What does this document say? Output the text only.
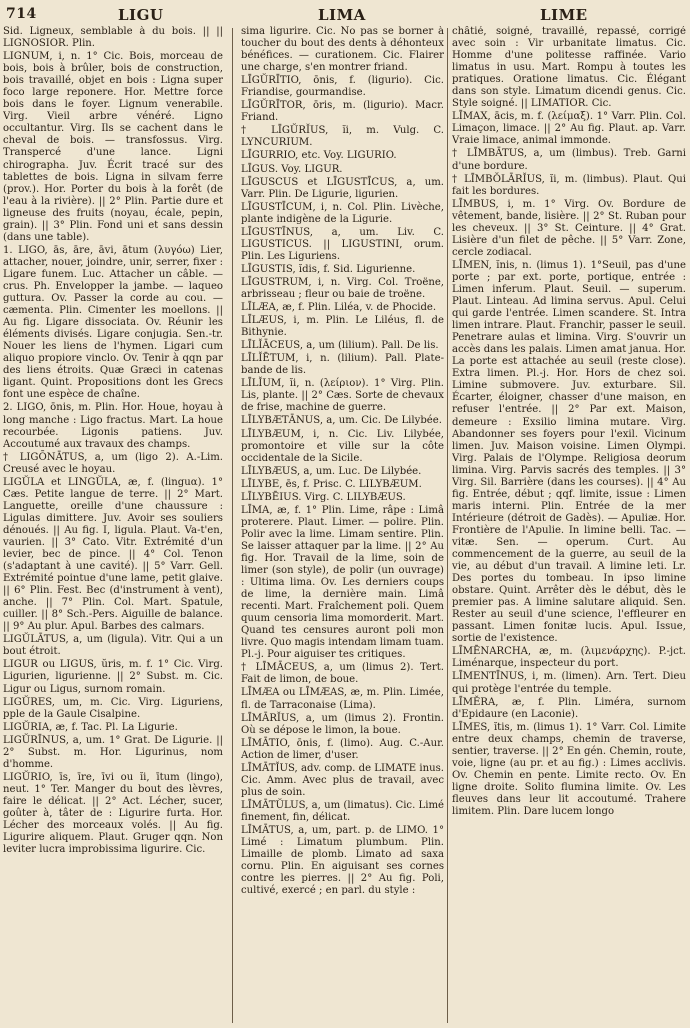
714	LIGU	LIMA	LIME

Sid. Ligneux, semblable à du bois. || || LIGNOSIOR. Plin.

LIGNUM, i, n. 1° Cic. Bois, morceau de bois, bois à brûler, bois de construction, bois travaillé, objet en bois : Ligna super foco large reponere. Hor. Mettre force bois dans le foyer. Lignum venerabile. Virg. Vieil arbre vénéré. Ligno occultantur. Virg. Ils se cachent dans le cheval de bois. — transfossus. Virg. Transpercé d'une lance. Ligni chirographa. Juv. Écrit tracé sur des tablettes de bois. Ligna in silvam ferre (prov.). Hor. Porter du bois à la forêt (de l'eau à la rivière). || 2° Plin. Partie dure et ligneuse des fruits (noyau, écale, pepin, grain). || 3° Plin. Fond uni et sans dessin (dans une table).

1. LIGO, ās, āre, āvi, ātum (λυγόω) Lier, attacher, nouer, joindre, unir, serrer, fixer : Ligare funem. Luc. Attacher un câble. — crus. Ph. Envelopper la jambe. — laqueo guttura. Ov. Passer la corde au cou. — cæmenta. Plin. Cimenter les moellons. || Au fig. Ligare dissociata. Ov. Réunir les éléments divisés. Ligare conjugia. Sen.-tr. Nouer les liens de l'hymen. Ligari cum aliquo propiore vinclo. Ov. Tenir à qqn par des liens étroits. Quæ Græci in catenas ligant. Quint. Propositions dont les Grecs font une espèce de chaîne.

2. LIGO, ōnis, m. Plin. Hor. Houe, hoyau à long manche : Ligo fractus. Mart. La houe recourbée. Ligonis patiens. Juv. Accoutumé aux travaux des champs.

† LIGŌNĀTUS, a, um (ligo 2). A.-Lim. Creusé avec le hoyau.

LIGŬLA et LINGŬLA, æ, f. (linguα). 1° Cæs. Petite langue de terre. || 2° Mart. Languette, oreille d'une chaussure : Ligulas dimittere. Juv. Avoir ses souliers dénoués. || Au fig. I, ligula. Plaut. Va-t'en, vaurien. || 3° Cato. Vitr. Extrémité d'un levier, bec de pince. || 4° Col. Tenon (s'adaptant à une cavité). || 5° Varr. Gell. Extrémité pointue d'une lame, petit glaive. || 6° Plin. Fest. Bec (d'instrument à vent), anche. || 7° Plin. Col. Mart. Spatule, cuiller. || 8° Sch.-Pers. Aiguille de balance. || 9° Au plur. Apul. Barbes des calmars.

LIGŬLĀTUS, a, um (ligula). Vitr. Qui a un bout étroit.

LIGUR ou LIGUS, ŭris, m. f. 1° Cic. Virg. Ligurien, ligurienne. || 2° Subst. m. Cic. Ligur ou Ligus, surnom romain.

LIGŬRES, um, m. Cic. Virg. Liguriens, pple de la Gaule Cisalpine.

LIGŬRIA, æ, f. Tac. Pl. La Ligurie.

LIGŬRĪNUS, a, um. 1° Grat. De Ligurie. || 2° Subst. m. Hor. Ligurinus, nom d'homme.

LIGŬRIO, īs, īre, īvi ou ĭi, ītum (lingo), neut. 1° Ter. Manger du bout des lèvres, faire le délicat. || 2° Act. Lécher, sucer, goûter à, tâter de : Ligurire furta. Hor. Lécher des morceaux volés. || Au fig. Ligurire aliquem. Plaut. Gruger qqn. Non leviter lucra improbissima ligurire. Cic.

sima ligurire. Cic. No pas se borner à toucher du bout des dents à déhonteux bénéfices. — curationem. Cic. Flairer une charge, s'en montrer friand.

LĪGŬRĪTIO, ōnis, f. (ligurio). Cic. Friandise, gourmandise.

LĪGŬRĪTOR, ōris, m. (ligurio). Macr. Friand.

† LĪGŬRĬUS, ĭi, m. Vulg. C. LYNCURIUM.

LĪGURRIO, etc. Voy. LIGURIO.

LĪGUS. Voy. LIGUR.

LĪGUSCUS et LĪGUSTĪCUS, a, um. Varr. Plin. De Ligurie, ligurien.

LĪGUSTĪCUM, i, n. Col. Plin. Livèche, plante indigène de la Ligurie.

LĪGUSTĪNUS, a, um. Liv. C. LIGUSTICUS. || LIGUSTINI, orum. Plin. Les Liguriens.

LĪGUSTIS, ĭdis, f. Sid. Ligurienne.

LĪGUSTRUM, i, n. Virg. Col. Troëne, arbrisseau ; fleur ou baie de troëne.

LĪLÆA, æ, f. Plin. Liléa, v. de Phocide.

LĪLÆUS, i, m. Plin. Le Liléus, fl. de Bithynie.

LĪLĬĀCEUS, a, um (lilium). Pall. De lis.

LĪLĬĒTUM, i, n. (lilium). Pall. Plate-bande de lis.

LĪLĬUM, ĭi, n. (λείριον). 1° Virg. Plin. Lis, plante. || 2° Cæs. Sorte de chevaux de frise, machine de guerre.

LĪLYBÆTĀNUS, a, um. Cic. De Lilybée.

LĪLYBÆUM, i, n. Cic. Liv. Lilybée, promontoire et ville sur la côte occidentale de la Sicile.

LĪLYBÆUS, a, um. Luc. De Lilybée.

LĪLYBE, ēs, f. Prisc. C. LILYBÆUM.

LĪLYBĒIUS. Virg. C. LILYBÆUS.

LĪMA, æ, f. 1° Plin. Lime, râpe : Limâ proterere. Plaut. Limer. — polire. Plin. Polir avec la lime. Limam sentire. Plin. Se laisser attaquer par la lime. || 2° Au fig. Hor. Travail de la lime, soin de limer (son style), de polir (un ouvrage) : Ultima lima. Ov. Les derniers coups de lime, la dernière main. Limâ recenti. Mart. Fraîchement poli. Quem quum censoria lima momorderit. Mart. Quand tes censures auront poli mon livre. Quo magis intendam limam tuam. Pl.-j. Pour aiguiser tes critiques.

† LĪMĀCEUS, a, um (limus 2). Tert. Fait de limon, de boue.

LĪMÆA ou LĪMÆAS, æ, m. Plin. Limée, fl. de Tarraconaise (Lima).

LĪMĀRĬUS, a, um (limus 2). Frontin. Où se dépose le limon, la boue.

LĪMĀTIO, ōnis, f. (limo). Aug. C.-Aur. Action de limer, d'user.

LĪMĀTĬUS, adv. comp. de LIMATE inus. Cic. Amm. Avec plus de travail, avec plus de soin.

LĪMĀTŬLUS, a, um (limatus). Cic. Limé finement, fin, délicat.

LĪMĀTUS, a, um, part. p. de LIMO. 1° Limé : Limatum plumbum. Plin. Limaille de plomb. Limato ad saxa cornu. Plin. En aiguisant ses cornes contre les pierres. || 2° Au fig. Poli, cultivé, exercé ; en parl. du style :

châtié, soigné, travaillé, repassé, corrigé avec soin : Vir urbanitate limatus. Cic. Homme d'une politesse raffinée. Vario limatus in usu. Mart. Rompu à toutes les pratiques. Oratione limatus. Cic. Élégant dans son style. Limatum dicendi genus. Cic. Style soigné. || LIMATIOR. Cic.

LĪMAX, ācis, m. f. (λείμαξ). 1° Varr. Plin. Col. Limaçon, limace. || 2° Au fig. Plaut. ap. Varr. Vraie limace, animal immonde.

† LĪMBĀTUS, a, um (limbus). Treb. Garni d'une bordure.

† LĪMBŎLĀRĬUS, ĭi, m. (limbus). Plaut. Qui fait les bordures.

LĪMBUS, i, m. 1° Virg. Ov. Bordure de vêtement, bande, lisière. || 2° St. Ruban pour les cheveux. || 3° St. Ceinture. || 4° Grat. Lisière d'un filet de pêche. || 5° Varr. Zone, cercle zodiacal.

LĪMEN, ĭnis, n. (limus 1). 1°Seuil, pas d'une porte ; par ext. porte, portique, entrée : Limen inferum. Plaut. Seuil. — superum. Plaut. Linteau. Ad limina servus. Apul. Celui qui garde l'entrée. Limen scandere. St. Intra limen intrare. Plaut. Franchir, passer le seuil. Penetrare aulas et limina. Virg. S'ouvrir un accès dans les palais. Limen amat janua. Hor. La porte est attachée au seuil (reste close). Extra limen. Pl.-j. Hor. Hors de chez soi. Limine submovere. Juv. exturbare. Sil. Écarter, éloigner, chasser d'une maison, en refuser l'entrée. || 2° Par ext. Maison, demeure : Exsilio limina mutare. Virg. Abandonner ses foyers pour l'exil. Vicinum limen. Juv. Maison voisine. Limen Olympi. Virg. Palais de l'Olympe. Religiosa deorum limina. Virg. Parvis sacrés des temples. || 3° Virg. Sil. Barrière (dans les courses). || 4° Au fig. Entrée, début ; qqf. limite, issue : Limen maris interni. Plin. Entrée de la mer Intérieure (détroit de Gadès). — Apuliæ. Hor. Frontière de l'Apulie. In limine belli. Tac. — vitæ. Sen. — operum. Curt. Au commencement de la guerre, au seuil de la vie, au début d'un travail. A limine leti. Lr. Des portes du tombeau. In ipso limine obstare. Quint. Arrêter dès le début, dès le premier pas. A limine salutare aliquid. Sen. Rester au seuil d'une science, l'effleurer en passant. Limen fonitæ lucis. Apul. Issue, sortie de l'existence.

LĪMĒNARCHA, æ, m. (λιμενάρχης). P.-jct. Liménarque, inspecteur du port.

LĪMENTĪNUS, i, m. (limen). Arn. Tert. Dieu qui protège l'entrée du temple.

LĪMĔRA, æ, f. Plin. Liméra, surnom d'Epidaure (en Laconie).

LĪMES, ĭtis, m. (limus 1). 1° Varr. Col. Limite entre deux champs, chemin de traverse, sentier, traverse. || 2° En gén. Chemin, route, voie, ligne (au pr. et au fig.) : Limes acclivis. Ov. Chemin en pente. Limite recto. Ov. En ligne droite. Solito flumina limite. Ov. Les fleuves dans leur lit accoutumé. Trahere limitem. Plin. Dare lucem longo
